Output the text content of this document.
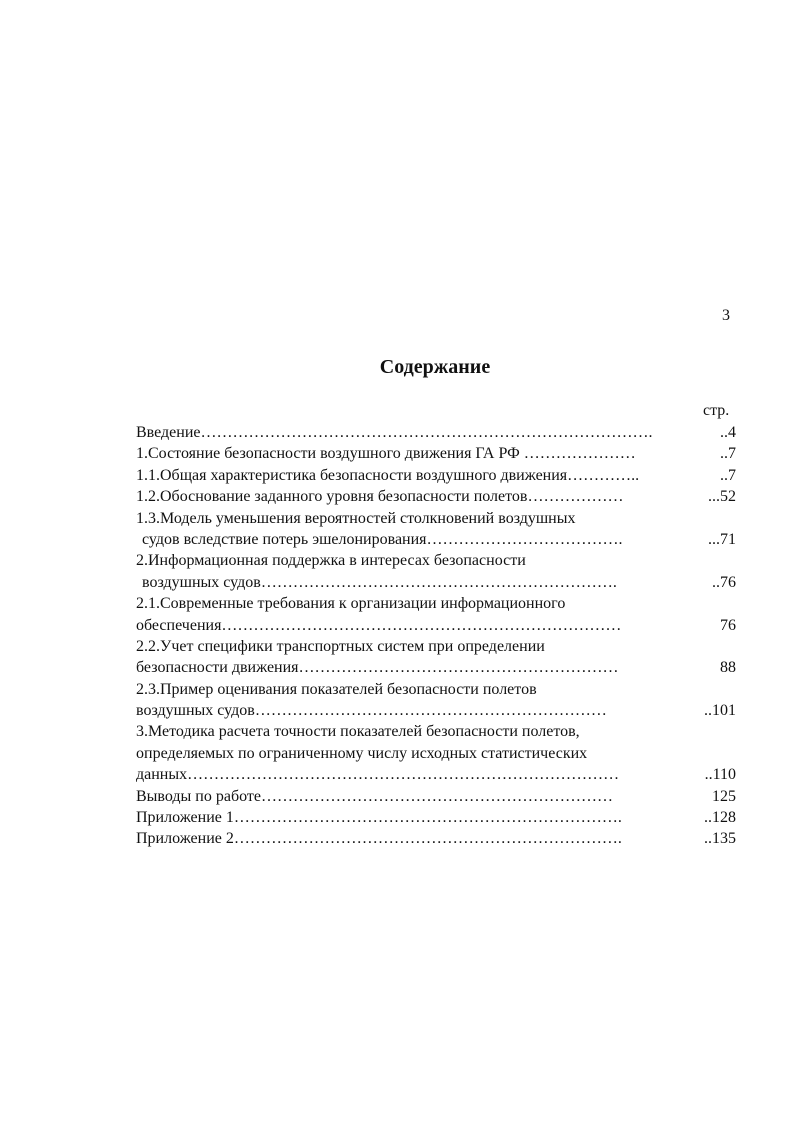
3
Содержание
стр.
Введение………………………………………………………………………….	..4
1.Состояние безопасности воздушного движения ГА РФ …………………	..7
1.1.Общая характеристика безопасности воздушного движения…………..	..7
1.2.Обоснование заданного уровня безопасности полетов………………	...52
1.3.Модель уменьшения вероятностей столкновений воздушных
судов вследствие потерь эшелонирования……………………………….	...71
2.Информационная поддержка в интересах безопасности
воздушных судов………………………………………………………….	..76
2.1.Современные требования к организации информационного
обеспечения…………………………………………………………………	76
2.2.Учет специфики транспортных систем при определении
безопасности движения……………………………………………………	88
2.3.Пример оценивания показателей безопасности полетов
воздушных судов…………………………………………………………	..101
3.Методика расчета точности показателей безопасности полетов,
определяемых по ограниченному числу исходных статистических
данных………………………………………………………………………	..110
Выводы по работе…………………………………………………………	125
Приложение 1……………………………………………………………….	..128
Приложение 2……………………………………………………………….	..135
